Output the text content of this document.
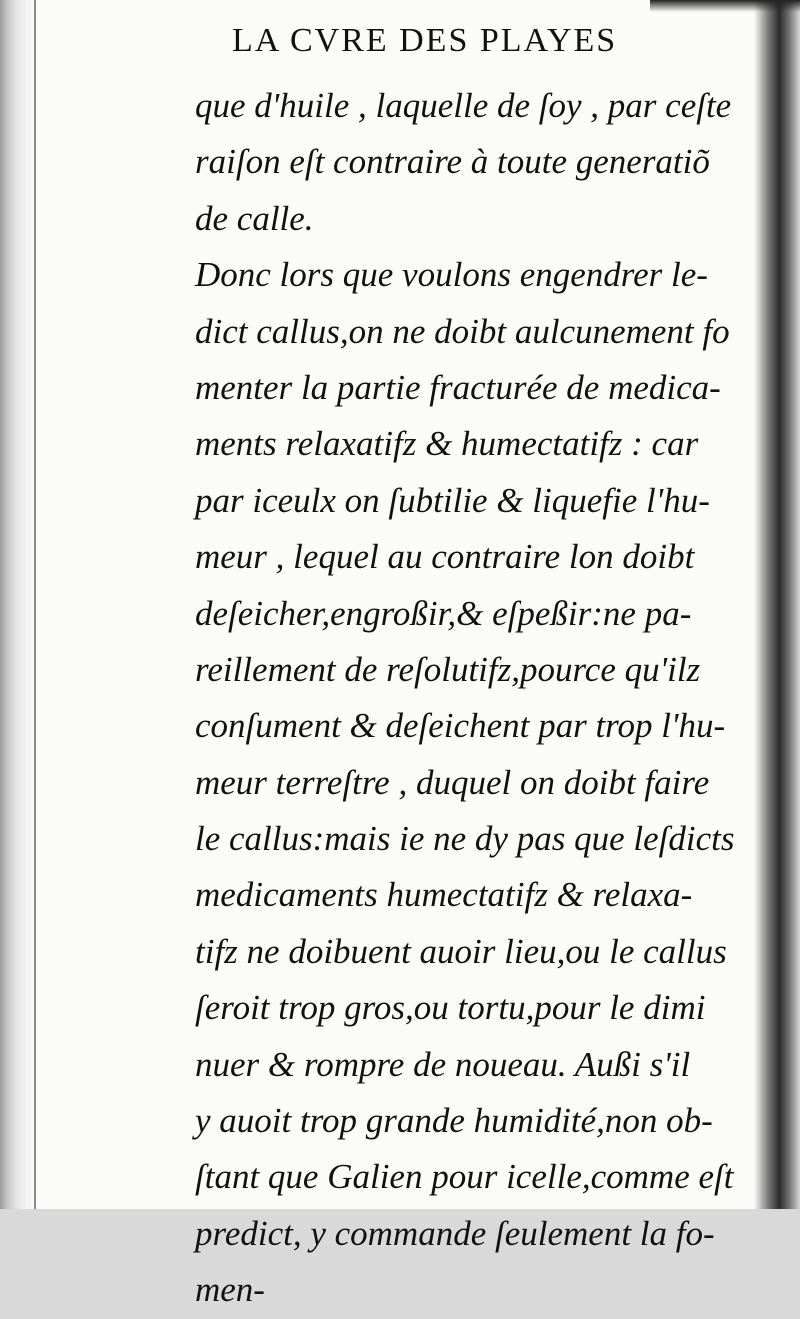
LA CVRE DES PLAYES
que d'huile , laquelle de ſoy , par ceſte
raiſon eſt contraire à toute generatiõ
de calle.
Donc lors que voulons engendrer le-
dict callus,on ne doibt aulcunement fo
menter la partie fracturée de medica-
ments relaxatifz & humectatifz : car
par iceulx on ſubtilie & liquefie l'hu-
meur , lequel au contraire lon doibt
deſeicher,engroßir,& eſpeßir:ne pa-
reillement de reſolutifz,pource qu'ilz
conſument & deſeichent par trop l'hu-
meur terreſtre , duquel on doibt faire
le callus:mais ie ne dy pas que leſdicts
medicaments humectatifz & relaxa-
tifz ne doibuent auoir lieu,ou le callus
ſeroit trop gros,ou tortu,pour le dimi
nuer & rompre de noueau. Außi s'il
y auoit trop grande humidité,non ob-
ſtant que Galien pour icelle,comme eſt
predict, y commande ſeulement la fo-
men-
